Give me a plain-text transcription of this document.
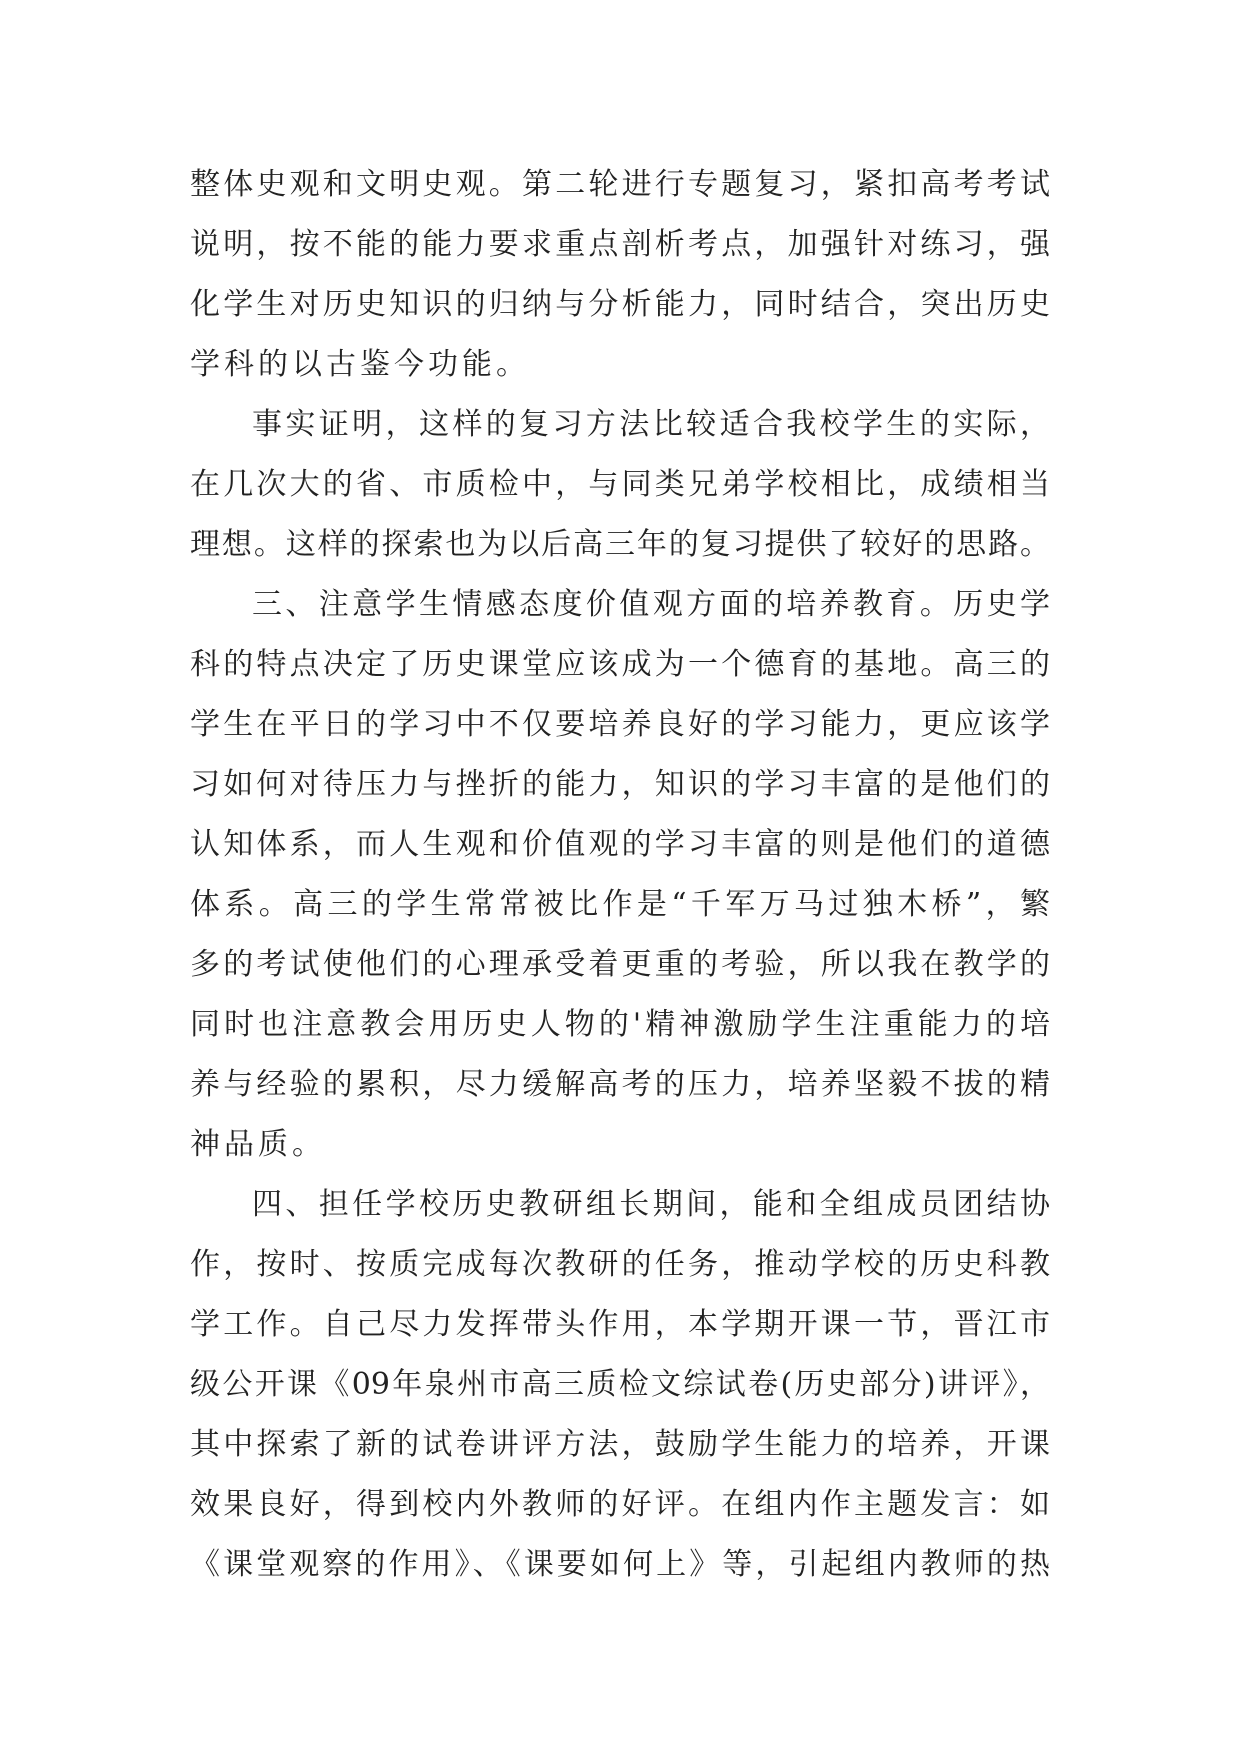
整体史观和文明史观。第二轮进行专题复习，紧扣高考考试
说明，按不能的能力要求重点剖析考点，加强针对练习，强
化学生对历史知识的归纳与分析能力，同时结合，突出历史
学科的以古鉴今功能。
事实证明，这样的复习方法比较适合我校学生的实际，
在几次大的省、市质检中，与同类兄弟学校相比，成绩相当
理想。这样的探索也为以后高三年的复习提供了较好的思路。
三、注意学生情感态度价值观方面的培养教育。历史学
科的特点决定了历史课堂应该成为一个德育的基地。高三的
学生在平日的学习中不仅要培养良好的学习能力，更应该学
习如何对待压力与挫折的能力，知识的学习丰富的是他们的
认知体系，而人生观和价值观的学习丰富的则是他们的道德
体系。高三的学生常常被比作是“千军万马过独木桥”，繁
多的考试使他们的心理承受着更重的考验，所以我在教学的
同时也注意教会用历史人物的'精神激励学生注重能力的培
养与经验的累积，尽力缓解高考的压力，培养坚毅不拔的精
神品质。
四、担任学校历史教研组长期间，能和全组成员团结协
作，按时、按质完成每次教研的任务，推动学校的历史科教
学工作。自己尽力发挥带头作用，本学期开课一节，晋江市
级公开课《09年泉州市高三质检文综试卷(历史部分)讲评》，
其中探索了新的试卷讲评方法，鼓励学生能力的培养，开课
效果良好，得到校内外教师的好评。在组内作主题发言：如
《课堂观察的作用》、《课要如何上》等，引起组内教师的热
